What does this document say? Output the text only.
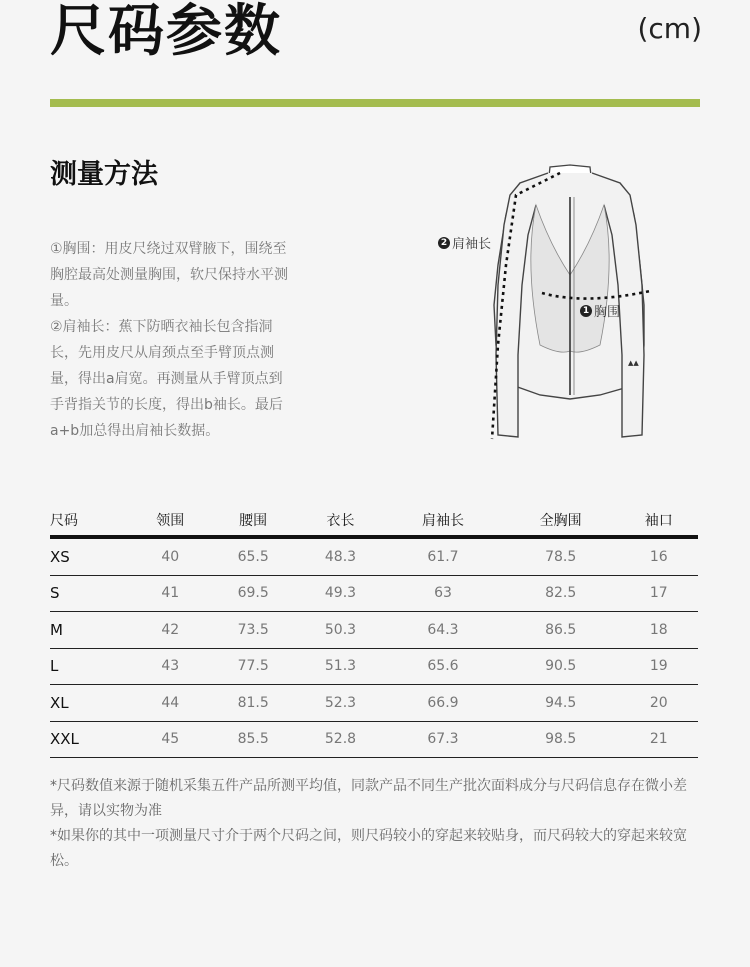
尺码参数	(cm)
测量方法

①胸围：用皮尺绕过双臂腋下，围绕至胸腔最高处测量胸围，软尺保持水平测量。

②肩袖长：蕉下防晒衣袖长包含指洞长，先用皮尺从肩颈点至手臂顶点测量，得出a肩宽。再测量从手臂顶点到手背指关节的长度，得出b袖长。最后a+b加总得出肩袖长数据。

▲▲
2 肩袖长
1 胸围
尺码	领围	腰围	衣长	肩袖长	全胸围	袖口
XS	40	65.5	48.3	61.7	78.5	16
S	41	69.5	49.3	63	82.5	17
M	42	73.5	50.3	64.3	86.5	18
L	43	77.5	51.3	65.6	90.5	19
XL	44	81.5	52.3	66.9	94.5	20
XXL	45	85.5	52.8	67.3	98.5	21

*尺码数值来源于随机采集五件产品所测平均值，同款产品不同生产批次面料成分与尺码信息存在微小差异，请以实物为准

*如果你的其中一项测量尺寸介于两个尺码之间，则尺码较小的穿起来较贴身，而尺码较大的穿起来较宽松。
